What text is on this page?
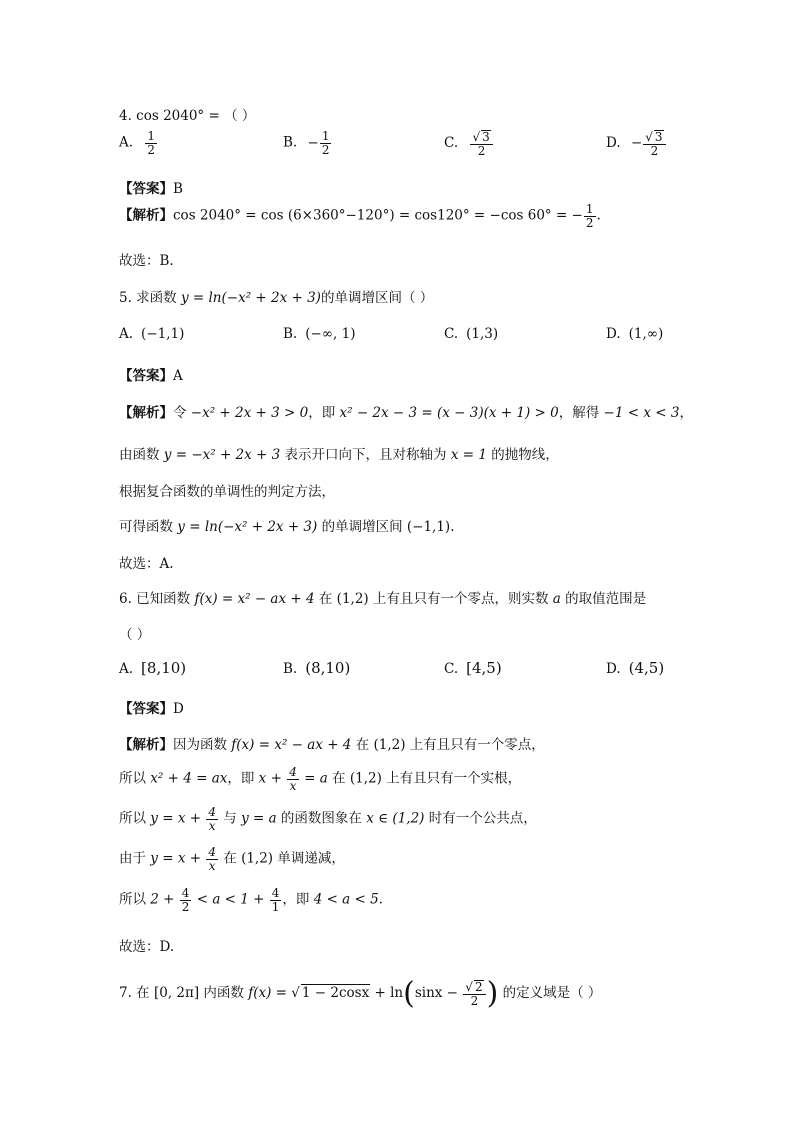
4. cos 2040° = （ ）
A. $\frac{1}{2}$	B. − $\frac{1}{2}$	C. √ $\frac{3}{2}$	D. − √ $\frac{3}{2}$
【答案】B
【解析】cos 2040° = cos (6×360°−120°) = cos120° = −cos 60° = − $\frac{1}{2}$ .
故选：B.
5. 求函数 y = ln(−x² + 2x + 3)的单调增区间（ ）
A. (−1,1)	B. (−∞, 1)	C. (1,3)	D. (1,∞)
【答案】A
【解析】令 −x² + 2x + 3 > 0，即 x² − 2x − 3 = (x − 3)(x + 1) > 0，解得 −1 < x < 3，
由函数 y = −x² + 2x + 3 表示开口向下，且对称轴为 x = 1 的抛物线，
根据复合函数的单调性的判定方法，
可得函数 y = ln(−x² + 2x + 3) 的单调增区间 (−1,1).
故选：A.
6. 已知函数 f(x) = x² − ax + 4 在 (1,2) 上有且只有一个零点，则实数 a 的取值范围是
（ ）
A. [8,10)	B. (8,10)	C. [4,5)	D. (4,5)
【答案】D
【解析】因为函数 f(x) = x² − ax + 4 在 (1,2) 上有且只有一个零点，
所以 x² + 4 = ax，即 $x + \frac{4}{x} = a$ 在 (1,2) 上有且只有一个实根，
所以 $y = x + \frac{4}{x}$ 与 y = a 的函数图象在 x ∈ (1,2) 时有一个公共点，
由于 $y = x + \frac{4}{x}$ 在 (1,2) 单调递减，
所以 $2 + \frac{4}{2} < a < 1 + \frac{4}{1}$ ，即 4 < a < 5.
故选：D.
7. 在 [0, 2π] 内函数 f(x) = √ 1 − 2cosx + ln(sinx − √ $\frac{2}{2}$ ) 的定义域是（ ）
